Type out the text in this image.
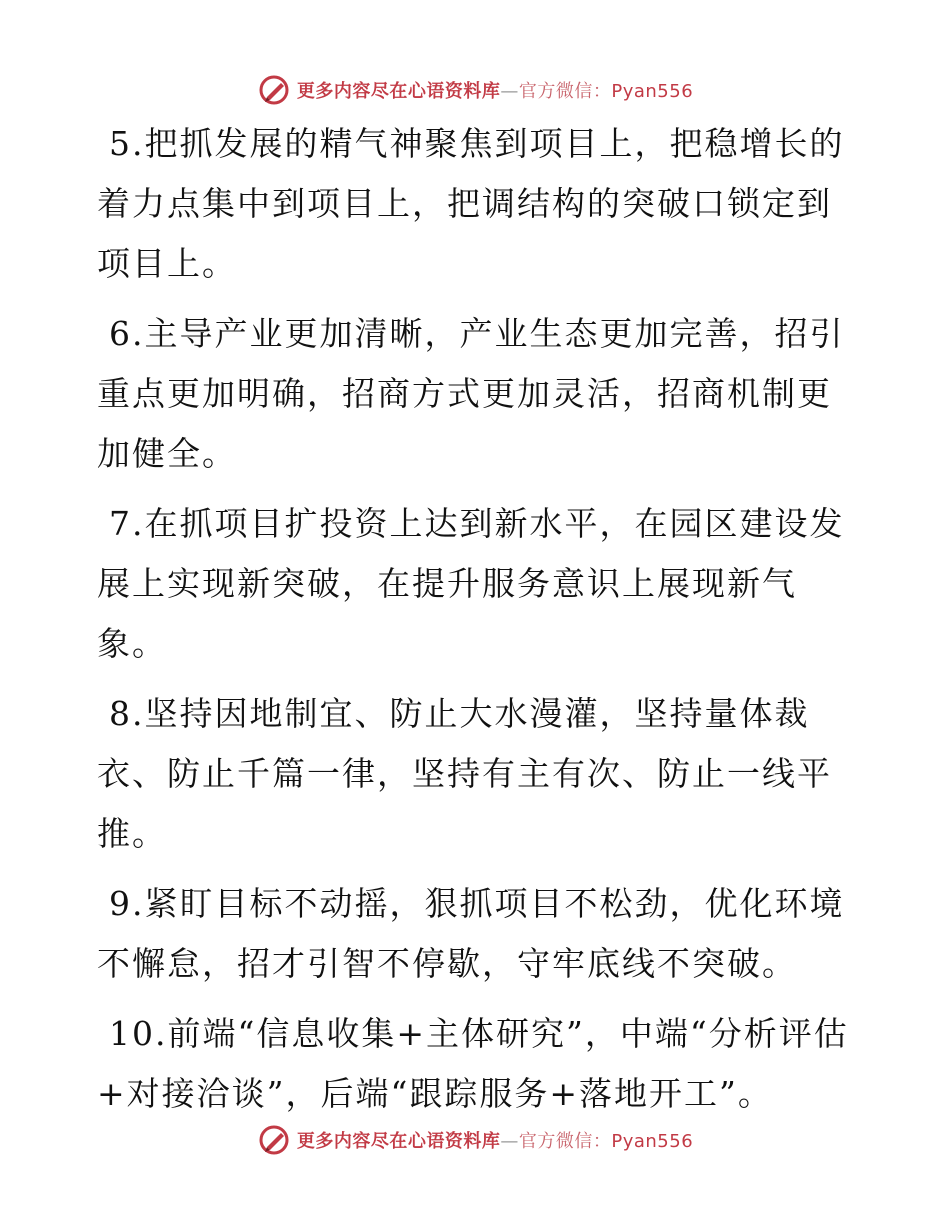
更多内容尽在心语资料库—官方微信：Pyan556

5.把抓发展的精气神聚焦到项目上，把稳增长的着力点集中到项目上，把调结构的突破口锁定到项目上。

6.主导产业更加清晰，产业生态更加完善，招引重点更加明确，招商方式更加灵活，招商机制更加健全。

7.在抓项目扩投资上达到新水平，在园区建设发展上实现新突破，在提升服务意识上展现新气象。

8.坚持因地制宜、防止大水漫灌，坚持量体裁衣、防止千篇一律，坚持有主有次、防止一线平推。

9.紧盯目标不动摇，狠抓项目不松劲，优化环境不懈怠，招才引智不停歇，守牢底线不突破。

10.前端“信息收集+主体研究”，中端“分析评估+对接洽谈”，后端“跟踪服务+落地开工”。

更多内容尽在心语资料库—官方微信：Pyan556
